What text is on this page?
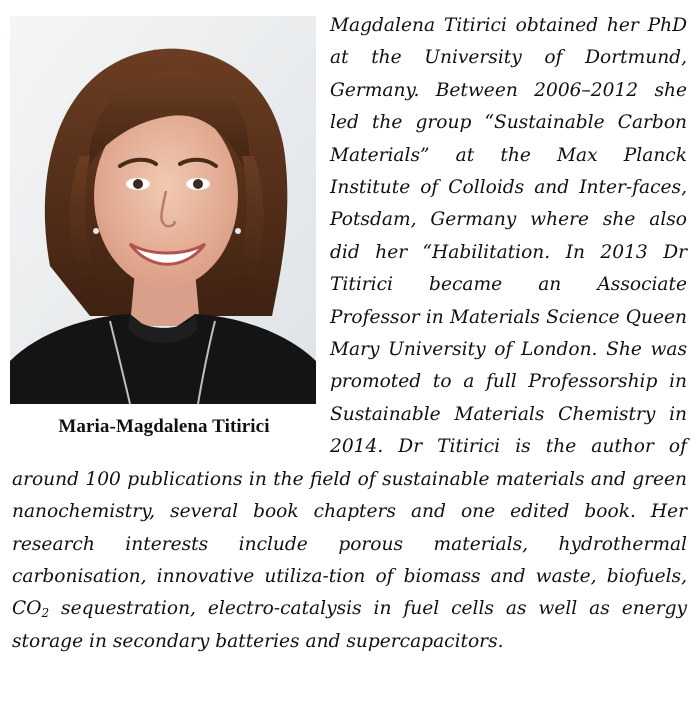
Maria-Magdalena Titirici

Magdalena Titirici obtained her PhD at the University of Dortmund, Germany. Between 2006–2012 she led the group “Sustainable Carbon Materials” at the Max Planck Institute of Colloids and Inter-faces, Potsdam, Germany where she also did her “Habilitation. In 2013 Dr Titirici became an Associate Professor in Materials Science Queen Mary University of London. She was promoted to a full Professorship in Sustainable Materials Chemistry in 2014. Dr Titirici is the author of around 100 publications in the field of sustainable materials and green nanochemistry, several book chapters and one edited book. Her research interests include porous materials, hydrothermal carbonisation, innovative utiliza-tion of biomass and waste, biofuels, $CO_2$ sequestration, electro-catalysis in fuel cells as well as energy storage in secondary batteries and supercapacitors.
